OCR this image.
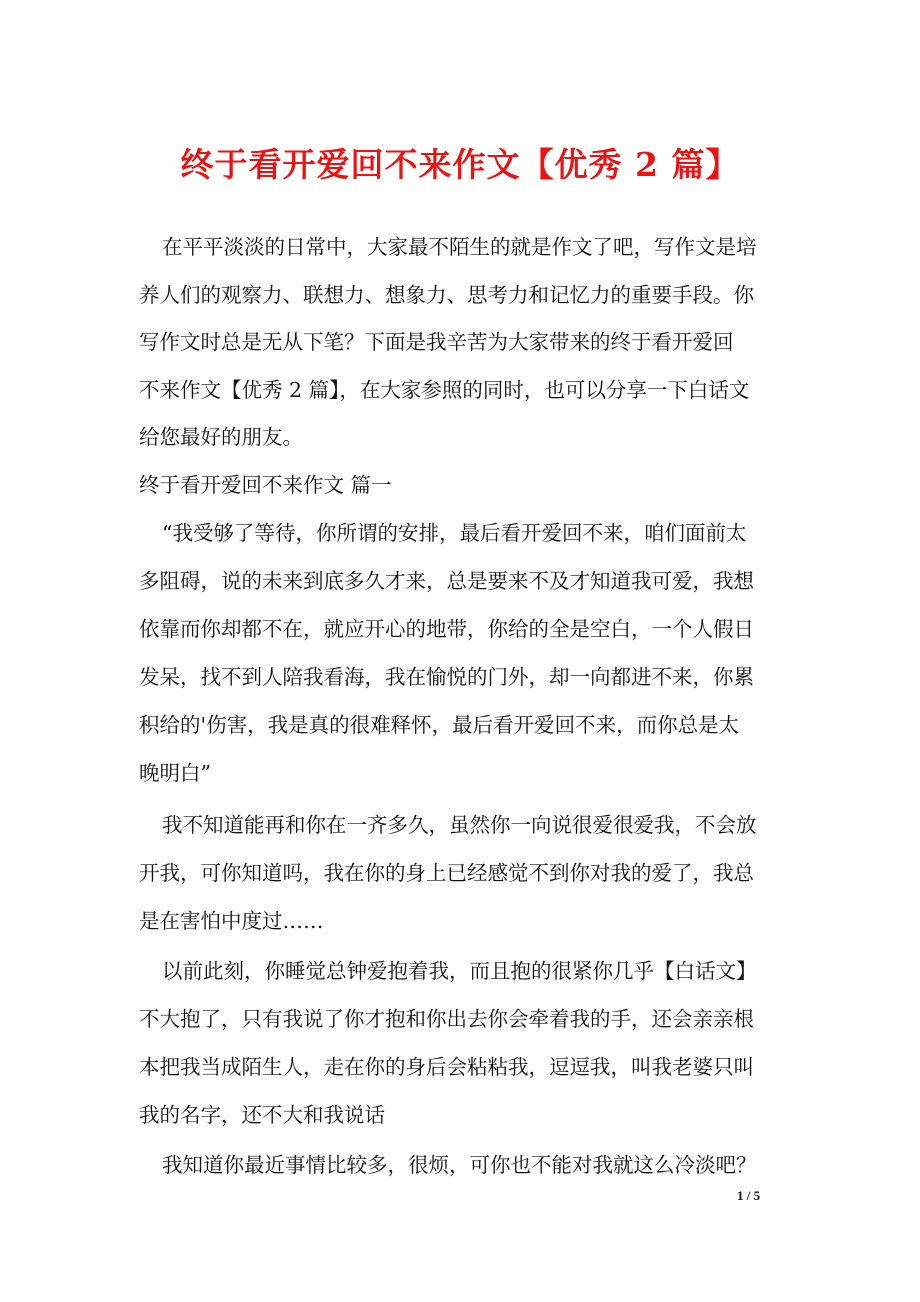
终于看开爱回不来作文【优秀 2 篇】
在平平淡淡的日常中，大家最不陌生的就是作文了吧，写作文是培
养人们的观察力、联想力、想象力、思考力和记忆力的重要手段。你
写作文时总是无从下笔？下面是我辛苦为大家带来的终于看开爱回
不来作文【优秀 2 篇】，在大家参照的同时，也可以分享一下白话文
给您最好的朋友。
终于看开爱回不来作文 篇一
“我受够了等待，你所谓的安排，最后看开爱回不来，咱们面前太
多阻碍，说的未来到底多久才来，总是要来不及才知道我可爱，我想
依靠而你却都不在，就应开心的地带，你给的全是空白，一个人假日
发呆，找不到人陪我看海，我在愉悦的门外，却一向都进不来，你累
积给的'伤害，我是真的很难释怀，最后看开爱回不来，而你总是太
晚明白”
我不知道能再和你在一齐多久，虽然你一向说很爱很爱我，不会放
开我，可你知道吗，我在你的身上已经感觉不到你对我的爱了，我总
是在害怕中度过……
以前此刻，你睡觉总钟爱抱着我，而且抱的很紧你几乎【白话文】
不大抱了，只有我说了你才抱和你出去你会牵着我的手，还会亲亲根
本把我当成陌生人，走在你的身后会粘粘我，逗逗我，叫我老婆只叫
我的名字，还不大和我说话
我知道你最近事情比较多，很烦，可你也不能对我就这么冷淡吧？
1 / 5
